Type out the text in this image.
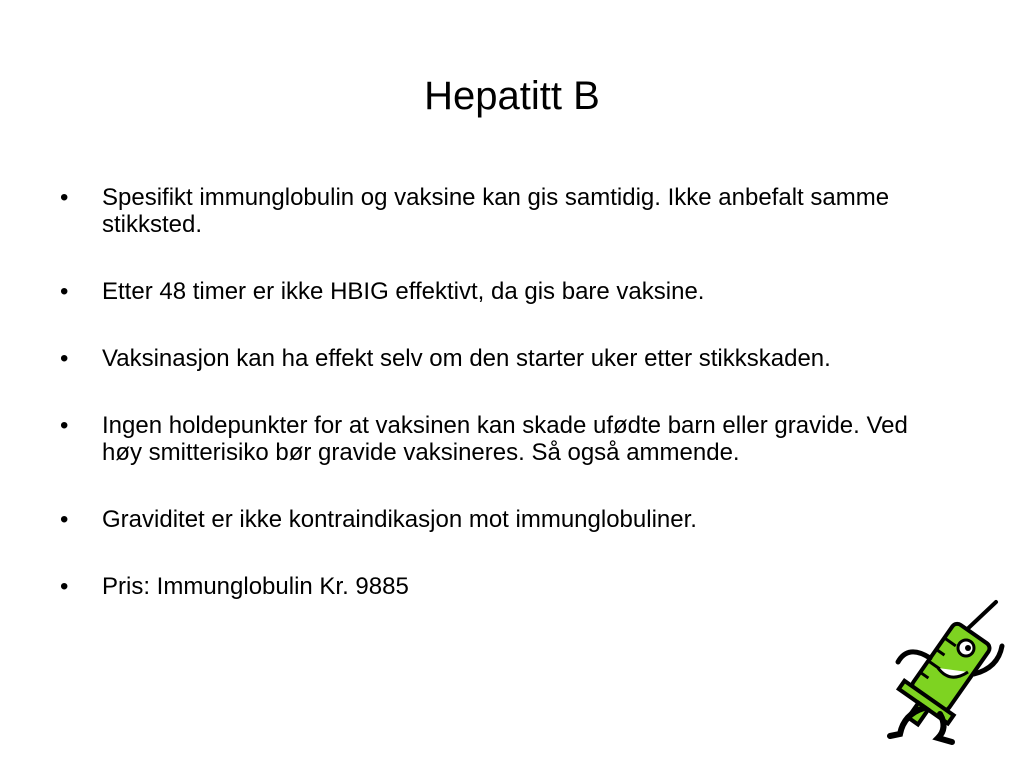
Hepatitt B
•	Spesifikt immunglobulin og vaksine kan gis samtidig. Ikke anbefalt samme stikksted.
•	Etter 48 timer er ikke HBIG effektivt, da gis bare vaksine.
•	Vaksinasjon kan ha effekt selv om den starter uker etter stikkskaden.
•	Ingen holdepunkter for at vaksinen kan skade ufødte barn eller gravide. Ved høy smitterisiko bør gravide vaksineres. Så også ammende.
•	Graviditet er ikke kontraindikasjon mot immunglobuliner.
•	Pris: Immunglobulin Kr. 9885
